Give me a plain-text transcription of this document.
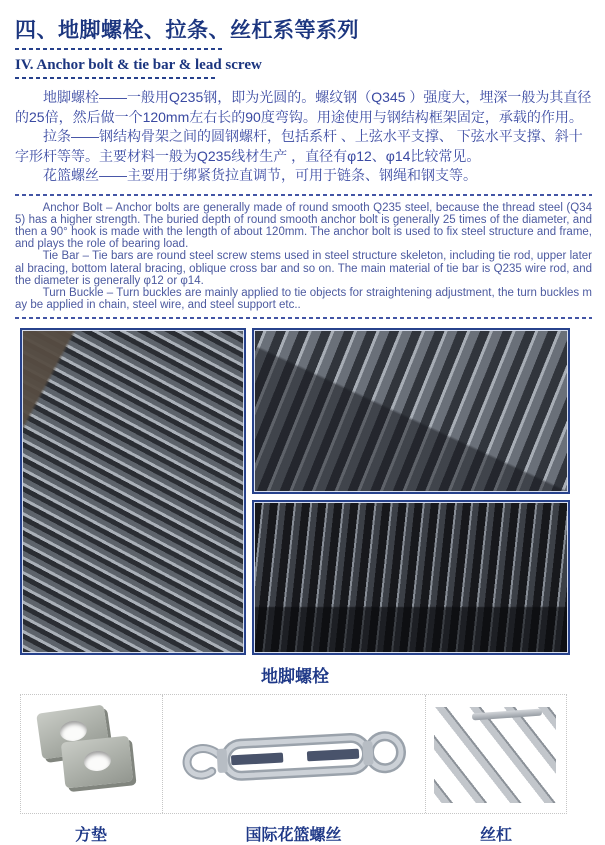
四、地脚螺栓、拉条、丝杠系等系列
IV. Anchor bolt & tie bar & lead screw

地脚螺栓——一般用Q235钢，即为光圆的。螺纹钢（Q345 ）强度大，埋深一般为其直径的25倍，然后做一个120mm左右长的90度弯钩。用途使用与钢结构框架固定，承载的作用。

拉条——钢结构骨架之间的圆钢螺杆，包括系杆 、上弦水平支撑、 下弦水平支撑、斜十字形杆等等。主要材料一般为Q235线材生产 ，直径有φ12、φ14比较常见。

花篮螺丝——主要用于绑紧货拉直调节，可用于链条、钢绳和钢支等。

Anchor Bolt – Anchor bolts are generally made of round smooth Q235 steel, because the thread steel (Q345) has a higher strength. The buried depth of round smooth anchor bolt is generally 25 times of the diameter, and then a 90° hook is made with the length of about 120mm. The anchor bolt is used to fix steel structure and frame, and plays the role of bearing load.

Tie Bar – Tie bars are round steel screw stems used in steel structure skeleton, including tie rod, upper lateral bracing, bottom lateral bracing, oblique cross bar and so on. The main material of tie bar is Q235 wire rod, and the diameter is generally φ12 or φ14.

Turn Buckle – Turn buckles are mainly applied to tie objects for straightening adjustment, the turn buckles may be applied in chain, steel wire, and steel support etc..

地脚螺栓
方垫	国际花篮螺丝	丝杠
